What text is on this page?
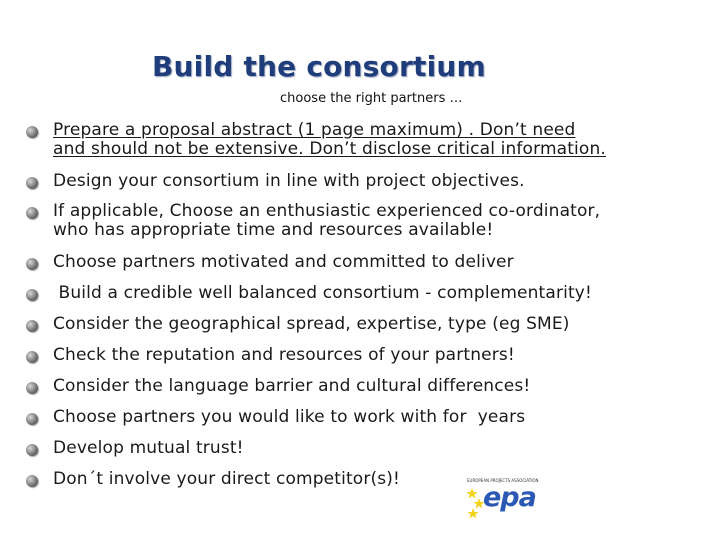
Build the consortium
choose the right partners …
Prepare a proposal abstract (1 page maximum) . Don’t need
and should not be extensive. Don’t disclose critical information.
Design your consortium in line with project objectives.
If applicable, Choose an enthusiastic experienced co-ordinator,
who has appropriate time and resources available!
Choose partners motivated and committed to deliver
Build a credible well balanced consortium - complementarity!
Consider the geographical spread, expertise, type (eg SME)
Check the reputation and resources of your partners!
Consider the language barrier and cultural differences!
Choose partners you would like to work with for  years
Develop mutual trust!
Don´t involve your direct competitor(s)!	EUROPEAN PROJECTS ASSOCIATION
epa
